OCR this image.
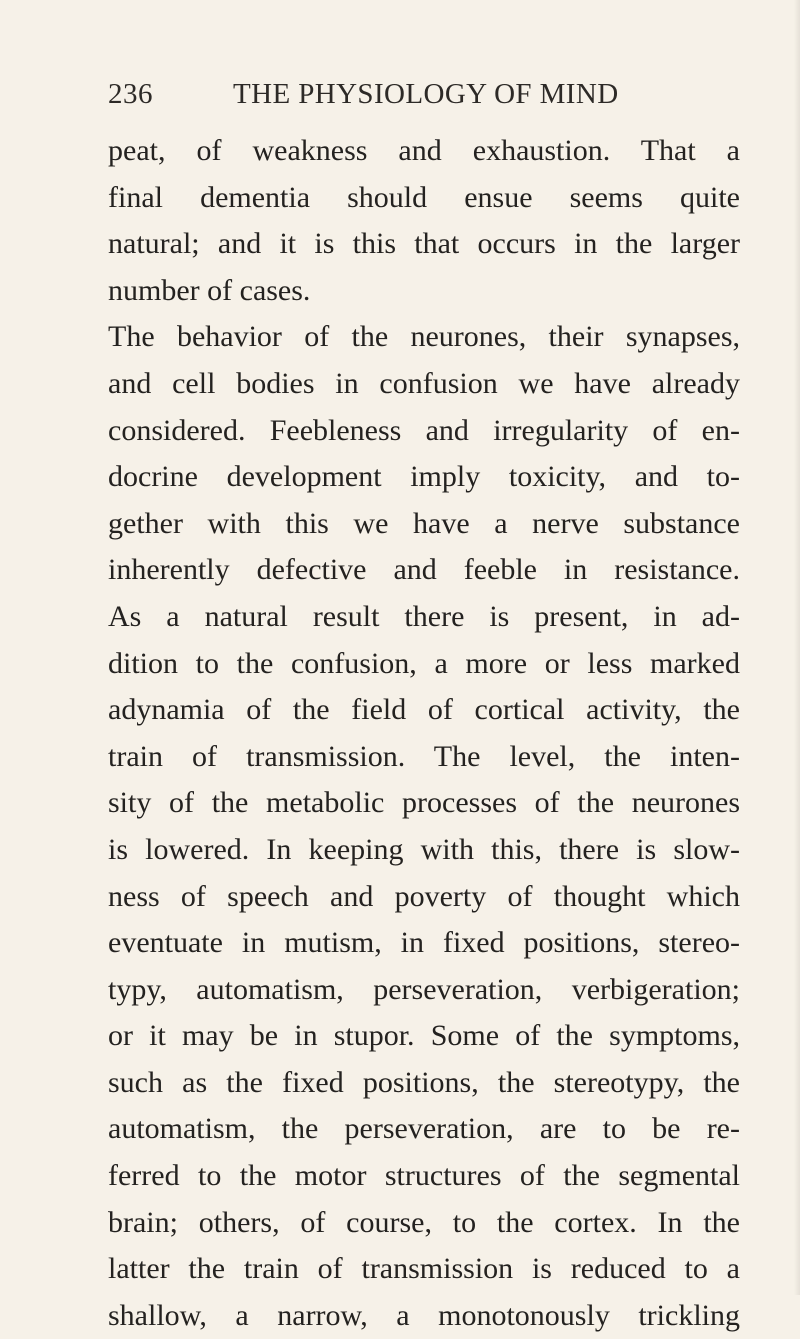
236	THE PHYSIOLOGY OF MIND
peat, of weakness and exhaustion. That a
final dementia should ensue seems quite
natural; and it is this that occurs in the larger
number of cases.
The behavior of the neurones, their synapses,
and cell bodies in confusion we have already
considered. Feebleness and irregularity of en-
docrine development imply toxicity, and to-
gether with this we have a nerve substance
inherently defective and feeble in resistance.
As a natural result there is present, in ad-
dition to the confusion, a more or less marked
adynamia of the field of cortical activity, the
train of transmission. The level, the inten-
sity of the metabolic processes of the neurones
is lowered. In keeping with this, there is slow-
ness of speech and poverty of thought which
eventuate in mutism, in fixed positions, stereo-
typy, automatism, perseveration, verbigeration;
or it may be in stupor. Some of the symptoms,
such as the fixed positions, the stereotypy, the
automatism, the perseveration, are to be re-
ferred to the motor structures of the segmental
brain; others, of course, to the cortex. In the
latter the train of transmission is reduced to a
shallow, a narrow, a monotonously trickling
